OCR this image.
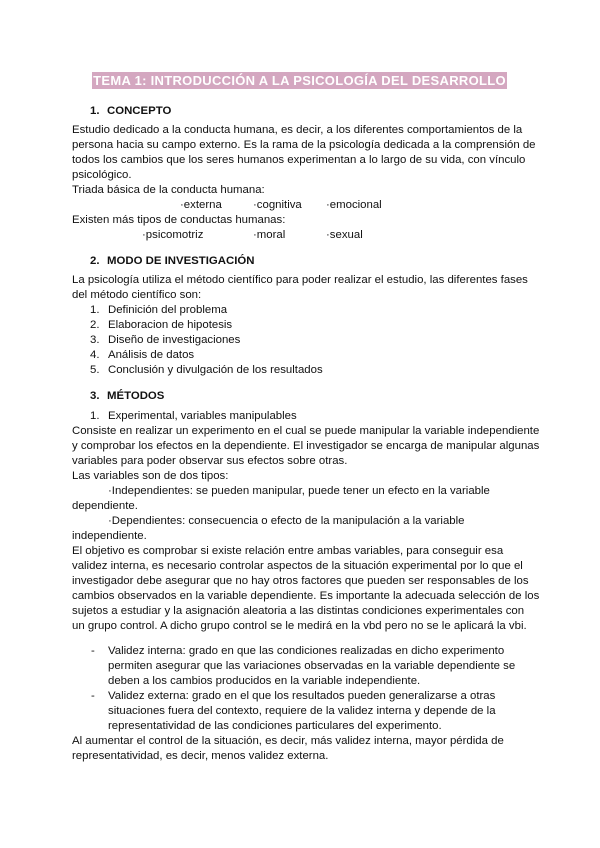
TEMA 1: INTRODUCCIÓN A LA PSICOLOGÍA DEL DESARROLLO
1. CONCEPTO
Estudio dedicado a la conducta humana, es decir, a los diferentes comportamientos de la
persona hacia su campo externo. Es la rama de la psicología dedicada a la comprensión de
todos los cambios que los seres humanos experimentan a lo largo de su vida, con vínculo
psicológico.
Triada básica de la conducta humana:
·externa	·cognitiva ·emocional
Existen más tipos de conductas humanas:
·psicomotriz	·moral	·sexual
2. MODO DE INVESTIGACIÓN
La psicología utiliza el método científico para poder realizar el estudio, las diferentes fases
del método científico son:
1. Definición del problema
2. Elaboracion de hipotesis
3. Diseño de investigaciones
4. Análisis de datos
5. Conclusión y divulgación de los resultados
3. MÉTODOS
1. Experimental, variables manipulables
Consiste en realizar un experimento en el cual se puede manipular la variable independiente
y comprobar los efectos en la dependiente. El investigador se encarga de manipular algunas
variables para poder observar sus efectos sobre otras.
Las variables son de dos tipos:
·Independientes: se pueden manipular, puede tener un efecto en la variable
dependiente.
·Dependientes: consecuencia o efecto de la manipulación a la variable
independiente.
El objetivo es comprobar si existe relación entre ambas variables, para conseguir esa
validez interna, es necesario controlar aspectos de la situación experimental por lo que el
investigador debe asegurar que no hay otros factores que pueden ser responsables de los
cambios observados en la variable dependiente. Es importante la adecuada selección de los
sujetos a estudiar y la asignación aleatoria a las distintas condiciones experimentales con
un grupo control. A dicho grupo control se le medirá en la vbd pero no se le aplicará la vbi.
- Validez interna: grado en que las condiciones realizadas en dicho experimento
permiten asegurar que las variaciones observadas en la variable dependiente se
deben a los cambios producidos en la variable independiente.
- Validez externa: grado en el que los resultados pueden generalizarse a otras
situaciones fuera del contexto, requiere de la validez interna y depende de la
representatividad de las condiciones particulares del experimento.
Al aumentar el control de la situación, es decir, más validez interna, mayor pérdida de
representatividad, es decir, menos validez externa.
